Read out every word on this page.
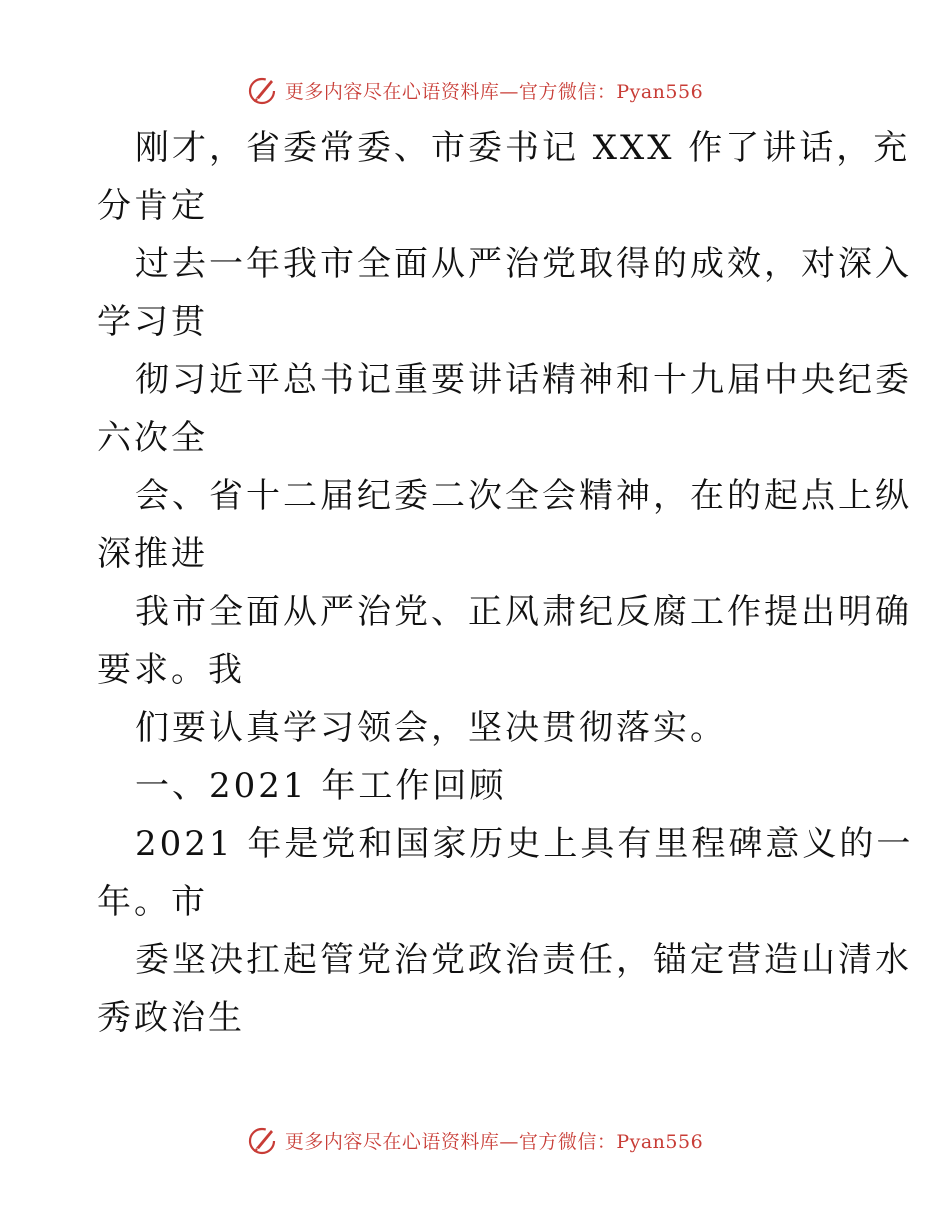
更多内容尽在心语资料库—官方微信：Pyan556

刚才，省委常委、市委书记 XXX 作了讲话，充

分肯定

过去一年我市全面从严治党取得的成效，对深入

学习贯

彻习近平总书记重要讲话精神和十九届中央纪委

六次全

会、省十二届纪委二次全会精神，在的起点上纵

深推进

我市全面从严治党、正风肃纪反腐工作提出明确

要求。我

们要认真学习领会，坚决贯彻落实。

一、2021 年工作回顾

2021 年是党和国家历史上具有里程碑意义的一

年。市

委坚决扛起管党治党政治责任，锚定营造山清水

秀政治生

更多内容尽在心语资料库—官方微信：Pyan556
